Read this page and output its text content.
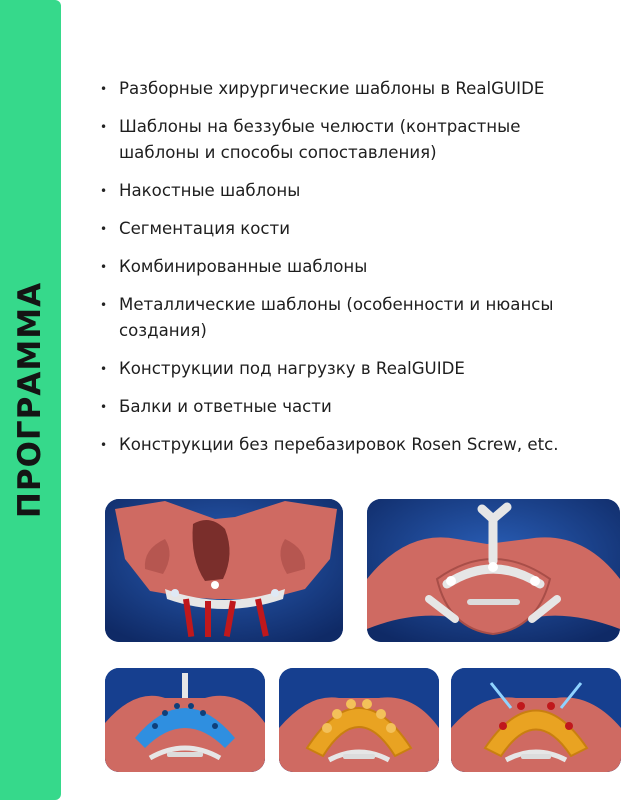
ПРОГРАММА
• Разборные хирургические шаблоны в RealGUIDE
• Шаблоны на беззубые челюсти (контрастные шаблоны и способы сопоставления)
• Накостные шаблоны
• Сегментация кости
• Комбинированные шаблоны
• Металлические шаблоны (особенности и нюансы создания)
• Конструкции под нагрузку в RealGUIDE
• Балки и ответные части
• Конструкции без перебазировок Rosen Screw, etc.
